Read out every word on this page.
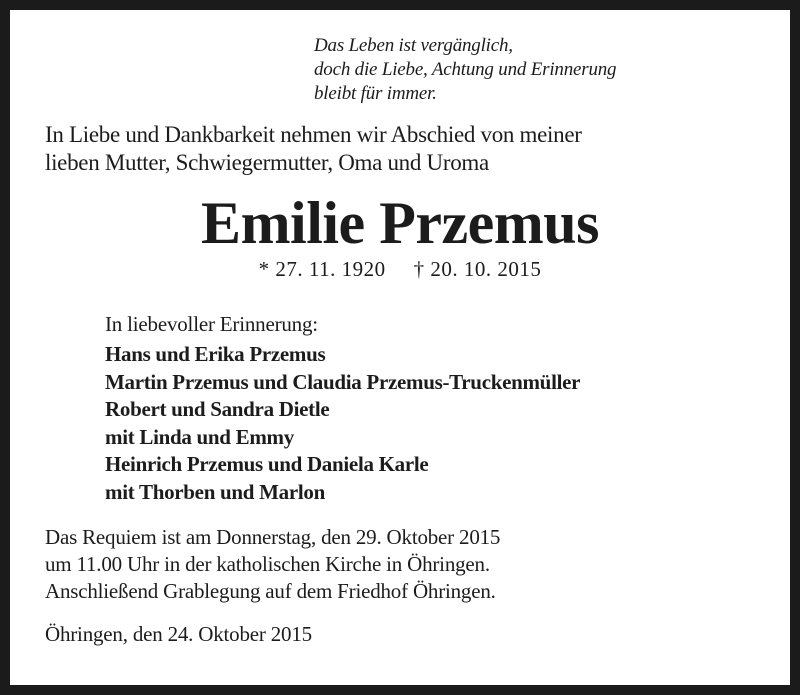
Das Leben ist vergänglich,
doch die Liebe, Achtung und Erinnerung
bleibt für immer.
In Liebe und Dankbarkeit nehmen wir Abschied von meiner
lieben Mutter, Schwiegermutter, Oma und Uroma
Emilie Przemus
* 27. 11. 1920 † 20. 10. 2015
In liebevoller Erinnerung:
Hans und Erika Przemus
Martin Przemus und Claudia Przemus-Truckenmüller
Robert und Sandra Dietle
mit Linda und Emmy
Heinrich Przemus und Daniela Karle
mit Thorben und Marlon
Das Requiem ist am Donnerstag, den 29. Oktober 2015
um 11.00 Uhr in der katholischen Kirche in Öhringen.
Anschließend Grablegung auf dem Friedhof Öhringen.
Öhringen, den 24. Oktober 2015
